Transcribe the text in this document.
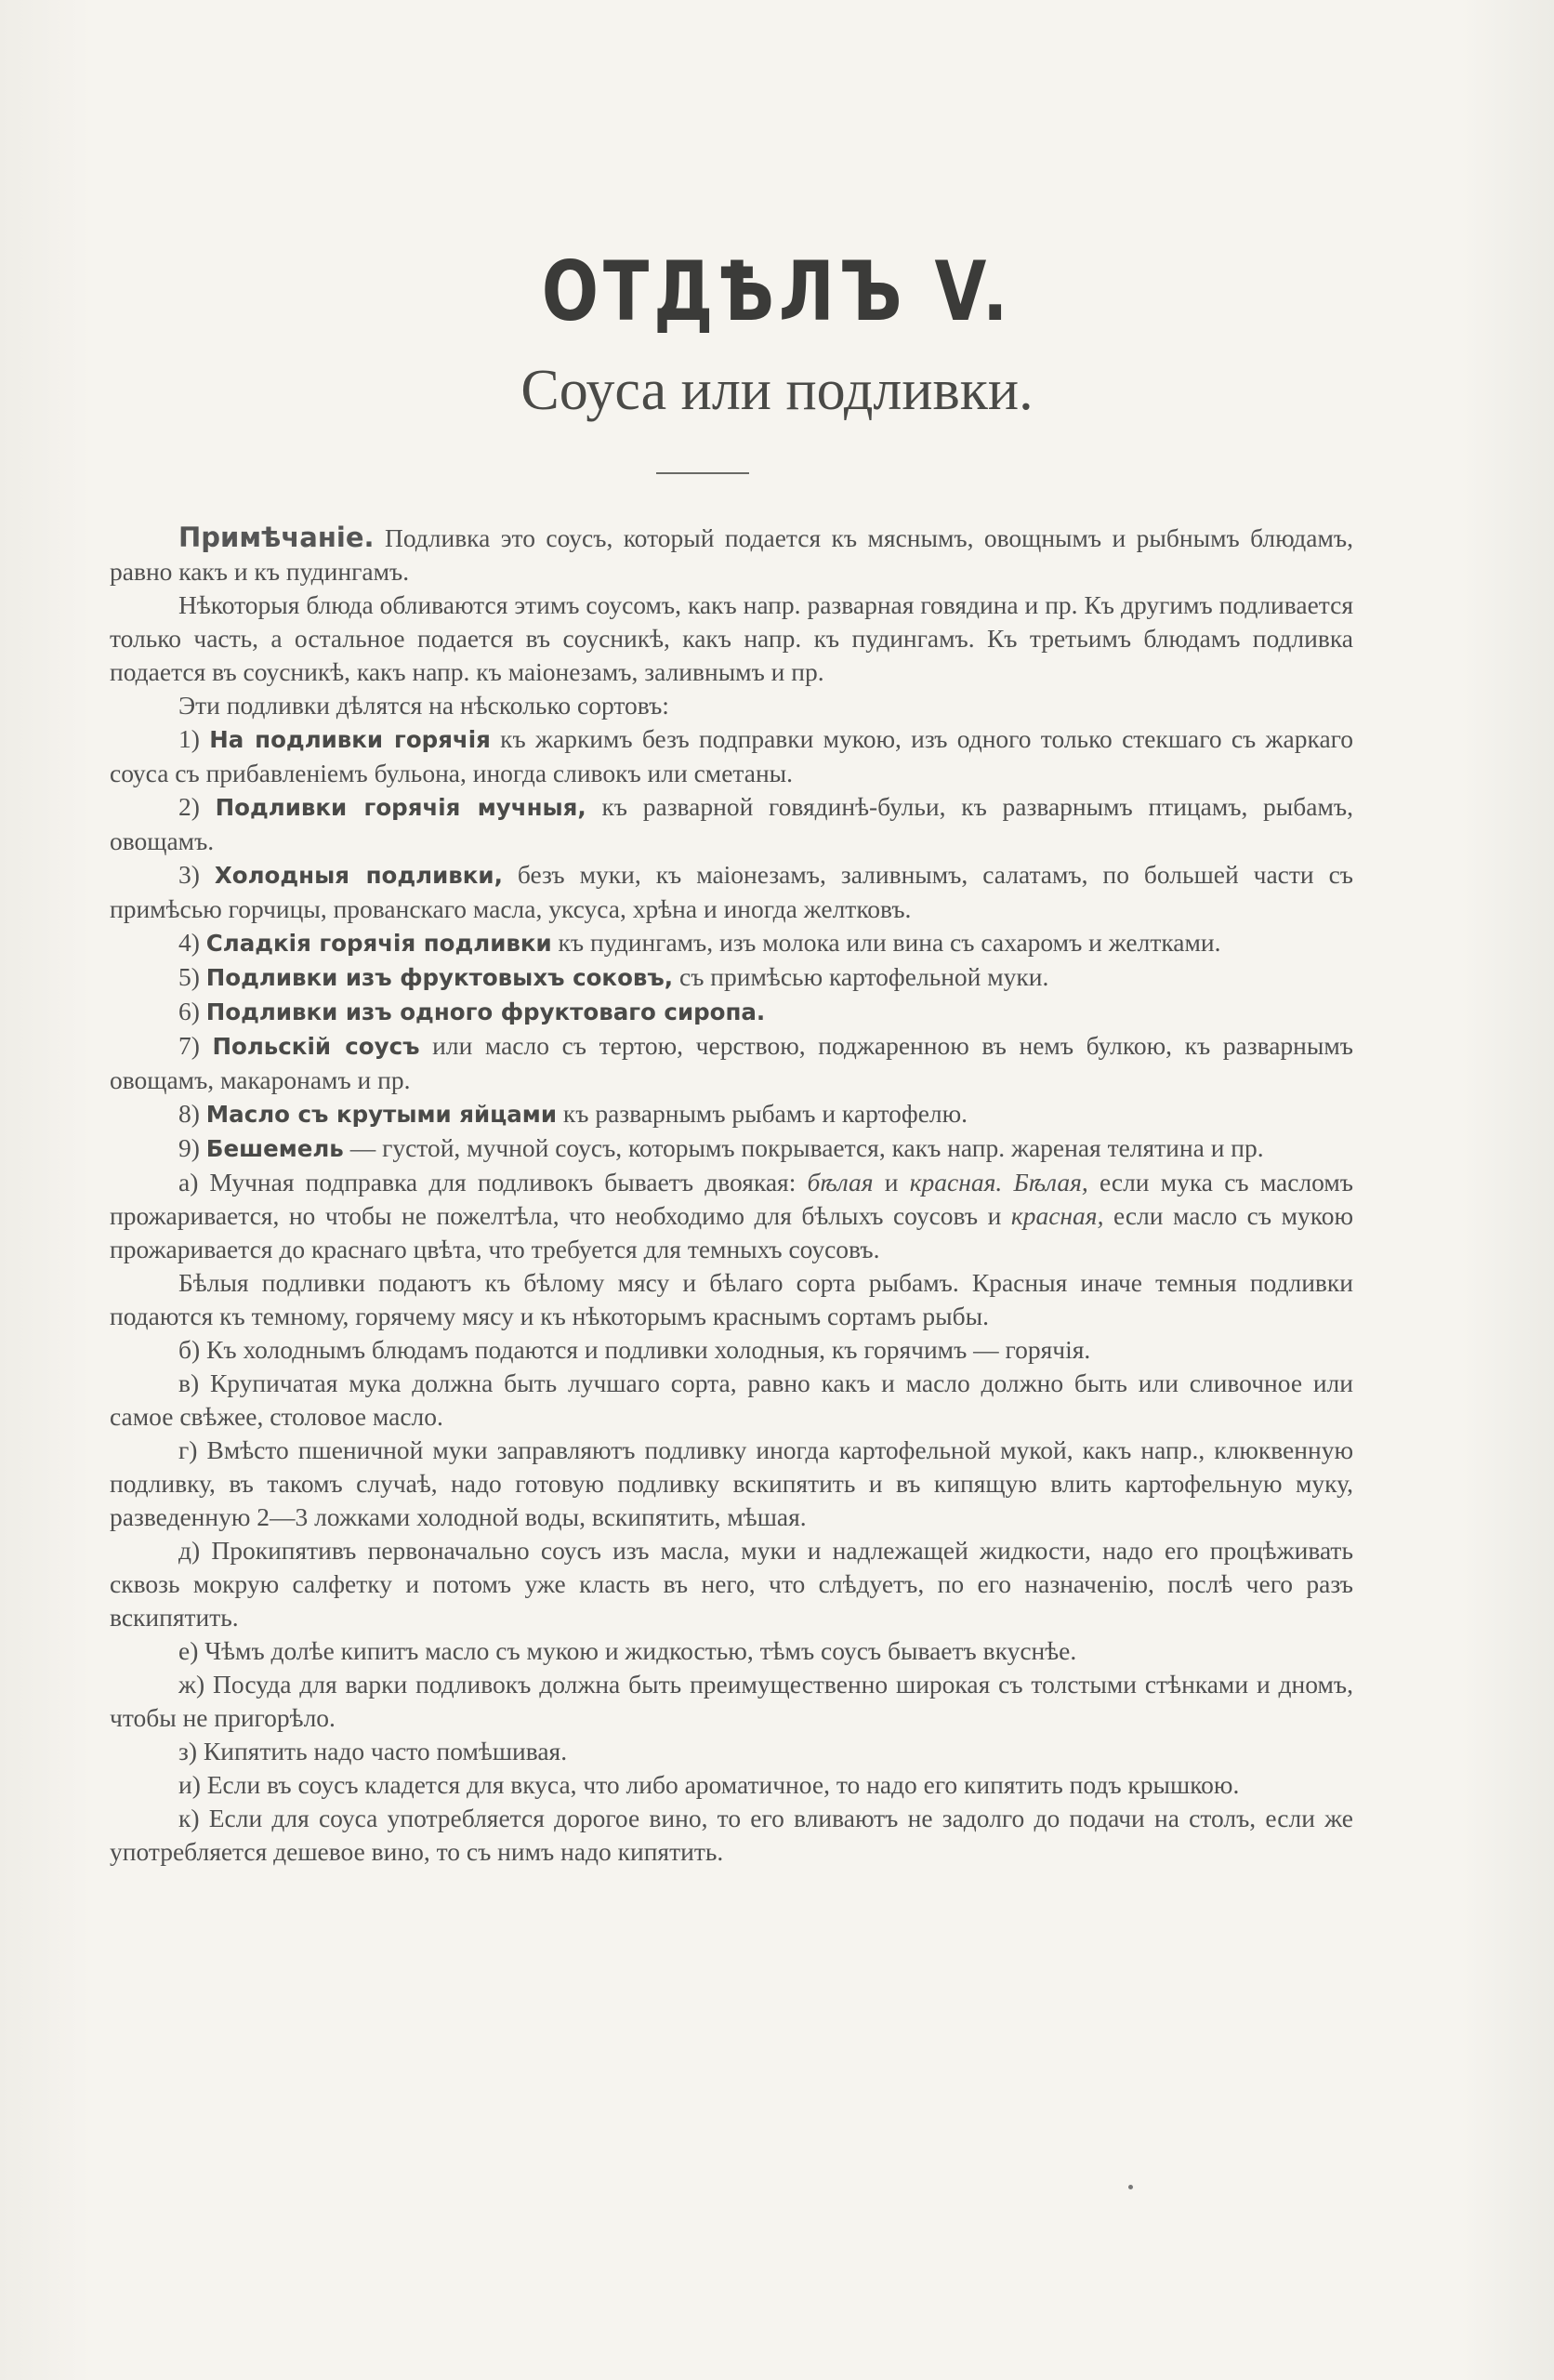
ОТДѢЛЪ V.
Соуса или подливки.

Примѣчаніе. Подливка это соусъ, который подается къ мяснымъ, овощнымъ и рыбнымъ блюдамъ, равно какъ и къ пудингамъ.

Нѣкоторыя блюда обливаются этимъ соусомъ, какъ напр. разварная говядина и пр. Къ другимъ подливается только часть, а остальное подается въ соусникѣ, какъ напр. къ пудингамъ. Къ третьимъ блюдамъ подливка подается въ соусникѣ, какъ напр. къ маіонезамъ, заливнымъ и пр.

Эти подливки дѣлятся на нѣсколько сортовъ:

1) На подливки горячія къ жаркимъ безъ подправки мукою, изъ одного только стекшаго съ жаркаго соуса съ прибавленіемъ бульона, иногда сливокъ или сметаны.

2) Подливки горячія мучныя, къ разварной говядинѣ-бульи, къ разварнымъ птицамъ, рыбамъ, овощамъ.

3) Холодныя подливки, безъ муки, къ маіонезамъ, заливнымъ, салатамъ, по большей части съ примѣсью горчицы, прованскаго масла, уксуса, хрѣна и иногда желтковъ.

4) Сладкія горячія подливки къ пудингамъ, изъ молока или вина съ сахаромъ и желтками.

5) Подливки изъ фруктовыхъ соковъ, съ примѣсью картофельной муки.

6) Подливки изъ одного фруктоваго сиропа.

7) Польскій соусъ или масло съ тертою, черствою, поджаренною въ немъ булкою, къ разварнымъ овощамъ, макаронамъ и пр.

8) Масло съ крутыми яйцами къ разварнымъ рыбамъ и картофелю.

9) Бешемель — густой, мучной соусъ, которымъ покрывается, какъ напр. жареная телятина и пр.

а) Мучная подправка для подливокъ бываетъ двоякая: бѣлая и красная. Бѣлая, если мука съ масломъ прожаривается, но чтобы не пожелтѣла, что необходимо для бѣлыхъ соусовъ и красная, если масло съ мукою прожаривается до краснаго цвѣта, что требуется для темныхъ соусовъ.

Бѣлыя подливки подаютъ къ бѣлому мясу и бѣлаго сорта рыбамъ. Красныя иначе темныя подливки подаются къ темному, горячему мясу и къ нѣкоторымъ краснымъ сортамъ рыбы.

б) Къ холоднымъ блюдамъ подаются и подливки холодныя, къ горячимъ — горячія.

в) Крупичатая мука должна быть лучшаго сорта, равно какъ и масло должно быть или сливочное или самое свѣжее, столовое масло.

г) Вмѣсто пшеничной муки заправляютъ подливку иногда картофельной мукой, какъ напр., клюквенную подливку, въ такомъ случаѣ, надо готовую подливку вскипятить и въ кипящую влить картофельную муку, разведенную 2—3 ложками холодной воды, вскипятить, мѣшая.

д) Прокипятивъ первоначально соусъ изъ масла, муки и надлежащей жидкости, надо его процѣживать сквозь мокрую салфетку и потомъ уже класть въ него, что слѣдуетъ, по его назначенію, послѣ чего разъ вскипятить.

е) Чѣмъ долѣе кипитъ масло съ мукою и жидкостью, тѣмъ соусъ бываетъ вкуснѣе.

ж) Посуда для варки подливокъ должна быть преимущественно широкая съ толстыми стѣнками и дномъ, чтобы не пригорѣло.

з) Кипятить надо часто помѣшивая.

и) Если въ соусъ кладется для вкуса, что либо ароматичное, то надо его кипятить подъ крышкою.

к) Если для соуса употребляется дорогое вино, то его вливаютъ не задолго до подачи на столъ, если же употребляется дешевое вино, то съ нимъ надо кипятить.
